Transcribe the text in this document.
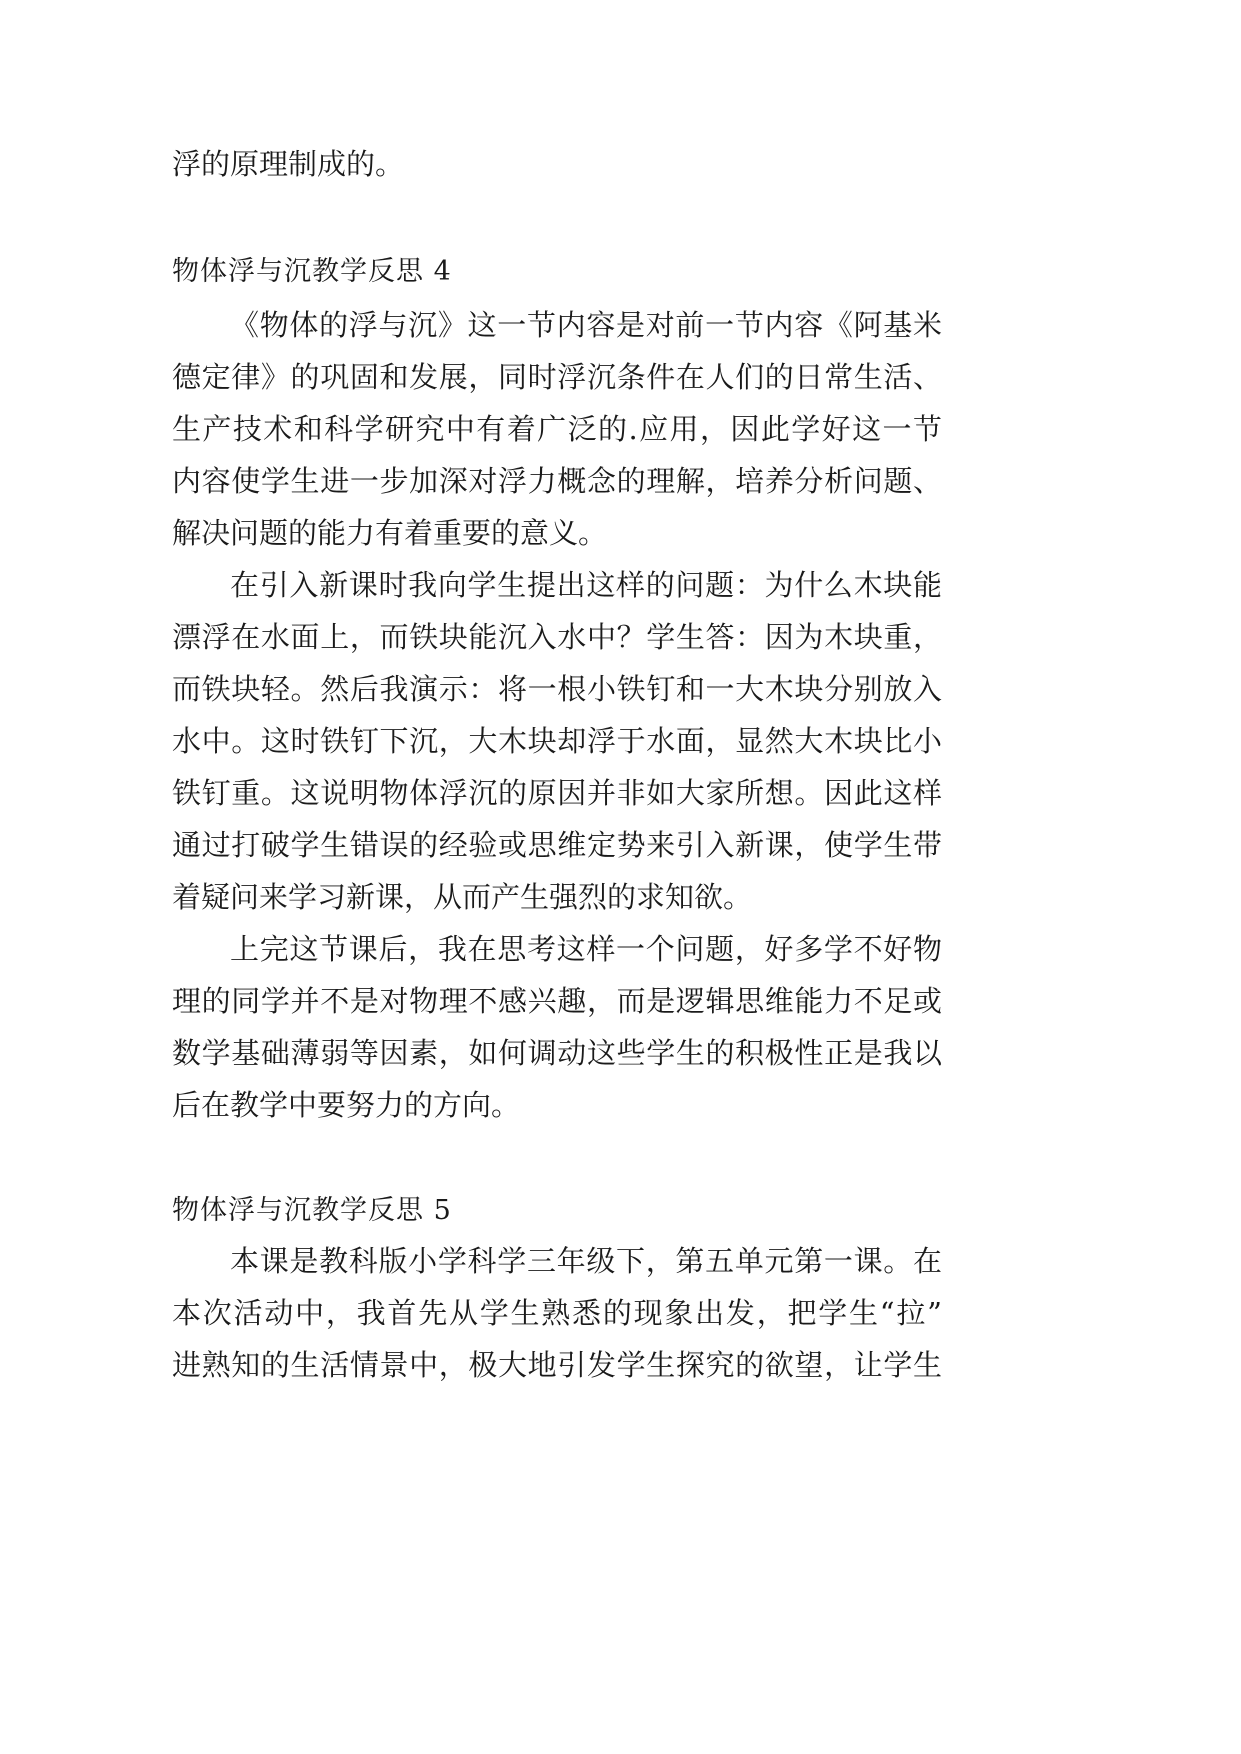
浮的原理制成的。
物体浮与沉教学反思 4
《物体的浮与沉》这一节内容是对前一节内容《阿基米
德定律》的巩固和发展，同时浮沉条件在人们的日常生活、
生产技术和科学研究中有着广泛的.应用，因此学好这一节
内容使学生进一步加深对浮力概念的理解，培养分析问题、
解决问题的能力有着重要的意义。
在引入新课时我向学生提出这样的问题：为什么木块能
漂浮在水面上，而铁块能沉入水中？学生答：因为木块重，
而铁块轻。然后我演示：将一根小铁钉和一大木块分别放入
水中。这时铁钉下沉，大木块却浮于水面，显然大木块比小
铁钉重。这说明物体浮沉的原因并非如大家所想。因此这样
通过打破学生错误的经验或思维定势来引入新课，使学生带
着疑问来学习新课，从而产生强烈的求知欲。
上完这节课后，我在思考这样一个问题，好多学不好物
理的同学并不是对物理不感兴趣，而是逻辑思维能力不足或
数学基础薄弱等因素，如何调动这些学生的积极性正是我以
后在教学中要努力的方向。
物体浮与沉教学反思 5
本课是教科版小学科学三年级下，第五单元第一课。在
本次活动中，我首先从学生熟悉的现象出发，把学生“拉”
进熟知的生活情景中，极大地引发学生探究的欲望，让学生
